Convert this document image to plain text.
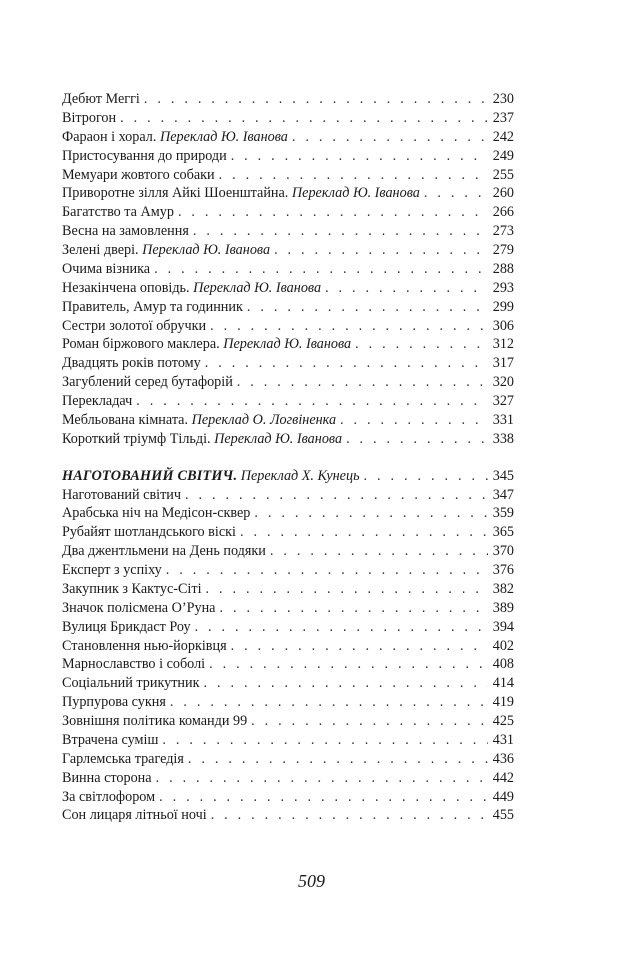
Дебют Меггі . . .	230
Вітрогон . . .	237
Фараон і хорал. Переклад Ю. Іванова . . .	242
Пристосування до природи . . .	249
Мемуари жовтого собаки . . .	255
Приворотне зілля Айкі Шоенштайна. Переклад Ю. Іванова . . .	260
Багатство та Амур . . .	266
Весна на замовлення . . .	273
Зелені двері. Переклад Ю. Іванова . . .	279
Очима візника . . .	288
Незакінчена оповідь. Переклад Ю. Іванова . . .	293
Правитель, Амур та годинник . . .	299
Сестри золотої обручки . . .	306
Роман біржового маклера. Переклад Ю. Іванова . . .	312
Двадцять років потому . . .	317
Загублений серед бутафорій . . .	320
Перекладач . . .	327
Мебльована кімната. Переклад О. Логвіненка . . .	331
Короткий тріумф Тільді. Переклад Ю. Іванова . . .	338
НАГОТОВАНИЙ СВІТИЧ. Переклад Х. Кунець . . .	345
Наготований світич . . .	347
Арабська ніч на Медісон-сквер . . .	359
Рубайят шотландського віскі . . .	365
Два джентльмени на День подяки . . .	370
Експерт з успіху . . .	376
Закупник з Кактус-Сіті . . .	382
Значок полісмена О’Руна . . .	389
Вулиця Брикдаст Роу . . .	394
Становлення нью-йорківця . . .	402
Марнославство і соболі . . .	408
Соціальний трикутник . . .	414
Пурпурова сукня . . .	419
Зовнішня політика команди 99 . . .	425
Втрачена суміш . . .	431
Гарлемська трагедія . . .	436
Винна сторона . . .	442
За світлофором . . .	449
Сон лицаря літньої ночі . . .	455
509
